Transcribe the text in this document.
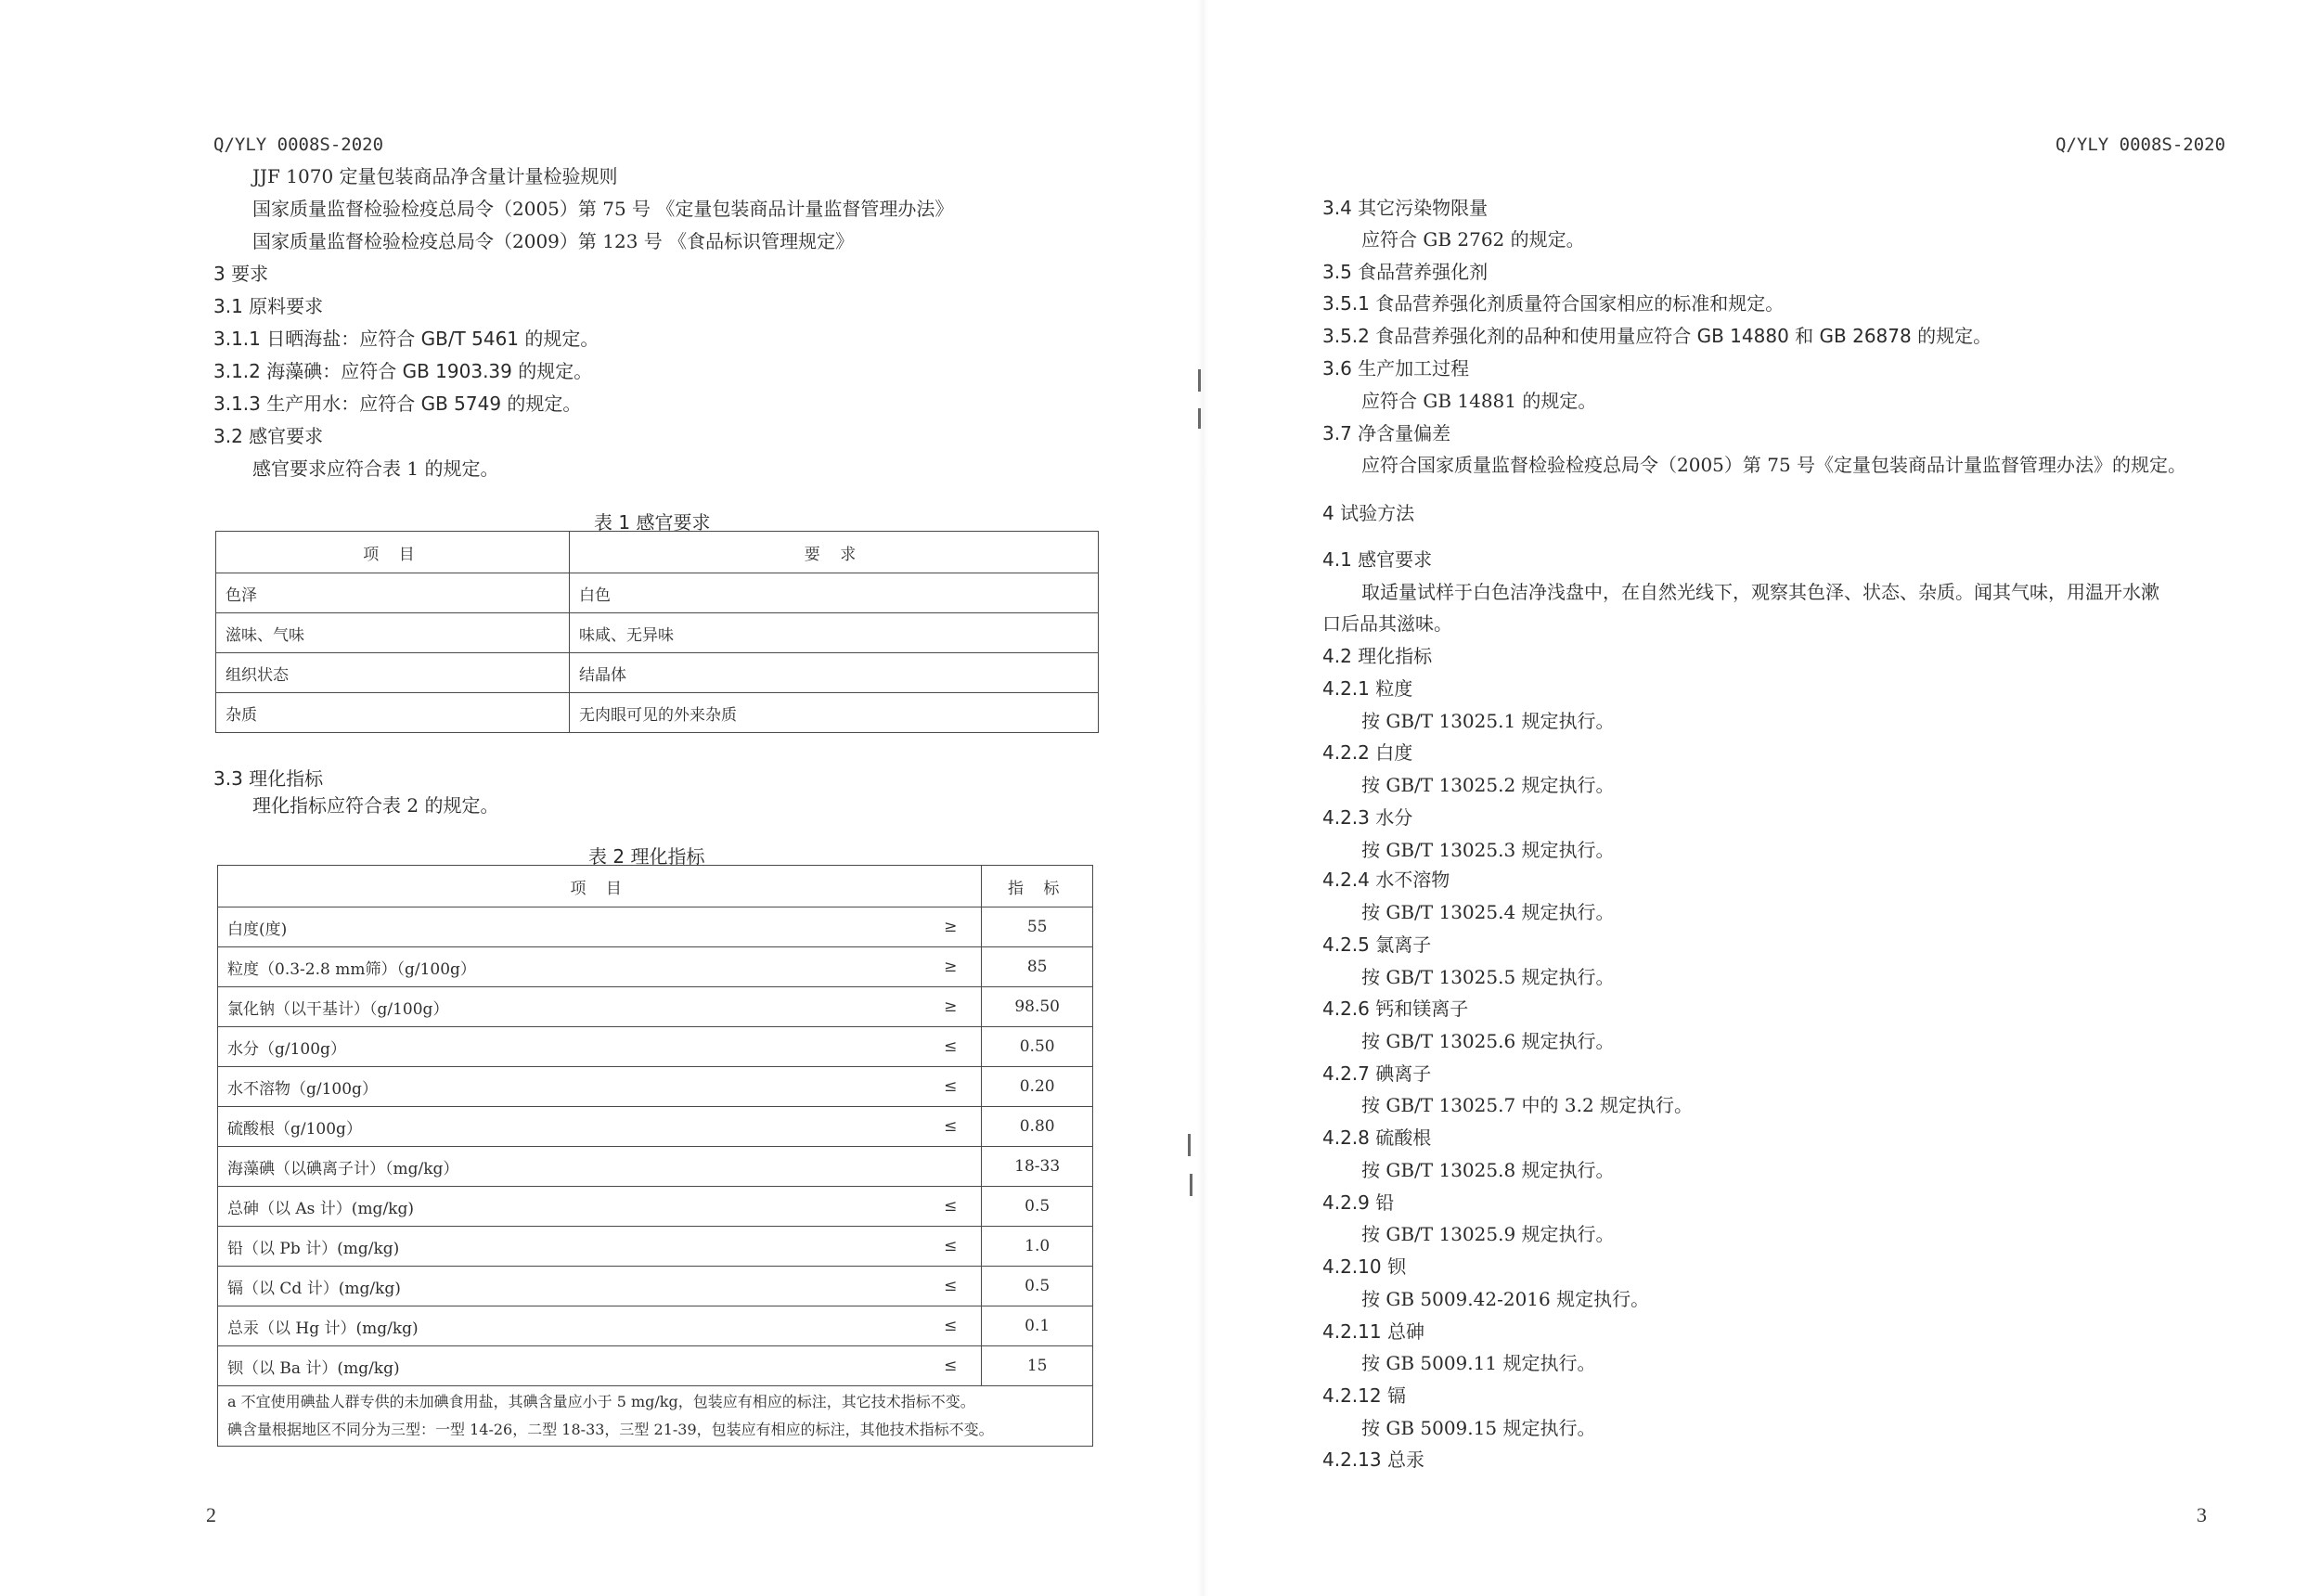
Q/YLY 0008S-2020
JJF 1070 定量包装商品净含量计量检验规则
国家质量监督检验检疫总局令（2005）第 75 号 《定量包装商品计量监督管理办法》
国家质量监督检验检疫总局令（2009）第 123 号 《食品标识管理规定》
3 要求
3.1 原料要求
3.1.1 日晒海盐：应符合 GB/T 5461 的规定。
3.1.2 海藻碘：应符合 GB 1903.39 的规定。
3.1.3 生产用水：应符合 GB 5749 的规定。
3.2 感官要求
感官要求应符合表 1 的规定。
表 1 感官要求
项 目	要 求
色泽	白色
滋味、气味	味咸、无异味
组织状态	结晶体
杂质	无肉眼可见的外来杂质
3.3 理化指标
理化指标应符合表 2 的规定。
表 2 理化指标
项 目		指 标
白度(度)	≥	55
粒度（0.3-2.8 mm筛）（g/100g）	≥	85
氯化钠（以干基计）（g/100g）	≥	98.50
水分（g/100g）	≤	0.50
水不溶物（g/100g）	≤	0.20
硫酸根（g/100g）	≤	0.80
海藻碘（以碘离子计）（mg/kg）		18-33
总砷（以 As 计）(mg/kg)	≤	0.5
铅（以 Pb 计）(mg/kg)	≤	1.0
镉（以 Cd 计）(mg/kg)	≤	0.5
总汞（以 Hg 计）(mg/kg)	≤	0.1
钡（以 Ba 计）(mg/kg)	≤	15

a 不宜使用碘盐人群专供的未加碘食用盐，其碘含量应小于 5 mg/kg，包装应有相应的标注，其它技术指标不变。
碘含量根据地区不同分为三型：一型 14-26，二型 18-33，三型 21-39，包装应有相应的标注，其他技术指标不变。		
2
Q/YLY 0008S-2020
3.4 其它污染物限量
应符合 GB 2762 的规定。
3.5 食品营养强化剂
3.5.1 食品营养强化剂质量符合国家相应的标准和规定。
3.5.2 食品营养强化剂的品种和使用量应符合 GB 14880 和 GB 26878 的规定。
3.6 生产加工过程
应符合 GB 14881 的规定。
3.7 净含量偏差
应符合国家质量监督检验检疫总局令（2005）第 75 号《定量包装商品计量监督管理办法》的规定。
4 试验方法
4.1 感官要求
取适量试样于白色洁净浅盘中，在自然光线下，观察其色泽、状态、杂质。闻其气味，用温开水漱
口后品其滋味。
4.2 理化指标
4.2.1 粒度
按 GB/T 13025.1 规定执行。
4.2.2 白度
按 GB/T 13025.2 规定执行。
4.2.3 水分
按 GB/T 13025.3 规定执行。
4.2.4 水不溶物
按 GB/T 13025.4 规定执行。
4.2.5 氯离子
按 GB/T 13025.5 规定执行。
4.2.6 钙和镁离子
按 GB/T 13025.6 规定执行。
4.2.7 碘离子
按 GB/T 13025.7 中的 3.2 规定执行。
4.2.8 硫酸根
按 GB/T 13025.8 规定执行。
4.2.9 铅
按 GB/T 13025.9 规定执行。
4.2.10 钡
按 GB 5009.42-2016 规定执行。
4.2.11 总砷
按 GB 5009.11 规定执行。
4.2.12 镉
按 GB 5009.15 规定执行。
4.2.13 总汞
3
